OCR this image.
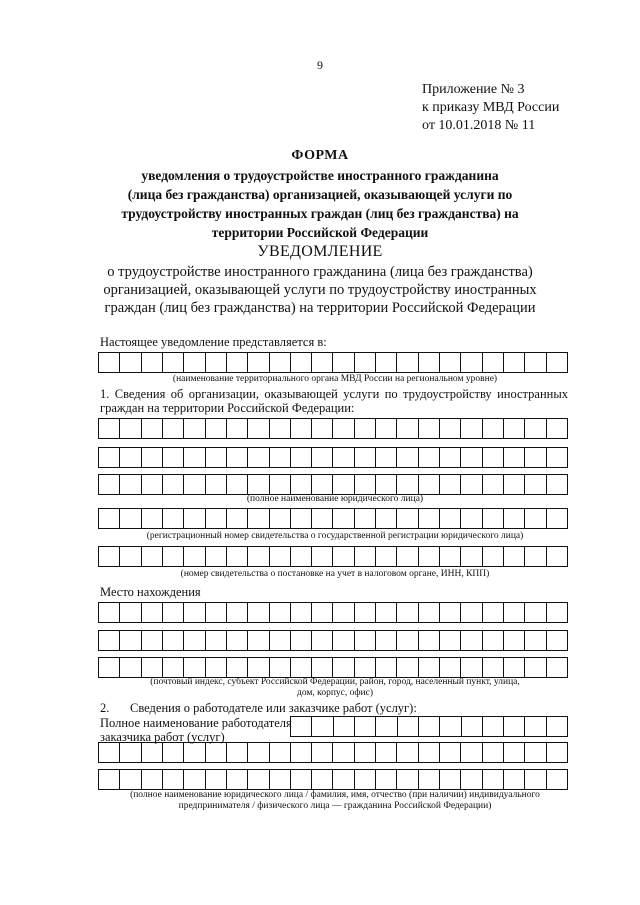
9
Приложение № 3
к приказу МВД России
от 10.01.2018 № 11
ФОРМА
уведомления о трудоустройстве иностранного гражданина
(лица без гражданства) организацией, оказывающей услуги по
трудоустройству иностранных граждан (лиц без гражданства) на
территории Российской Федерации
УВЕДОМЛЕНИЕ
о трудоустройстве иностранного гражданина (лица без гражданства)
организацией, оказывающей услуги по трудоустройству иностранных
граждан (лиц без гражданства) на территории Российской Федерации
Настоящее уведомление представляется в:
(наименование территориального органа МВД России на региональном уровне)
1. Сведения об организации, оказывающей услуги по трудоустройству иностранных
граждан на территории Российской Федерации:
(полное наименование юридического лица)
(регистрационный номер свидетельства о государственной регистрации юридического лица)
(номер свидетельства о постановке на учет в налоговом органе, ИНН, КПП)
Место нахождения
(почтовый индекс, субъект Российской Федерации, район, город, населенный пункт, улица,
дом, корпус, офис)
2. Сведения о работодателе или заказчике работ (услуг):
Полное наименование работодателя
заказчика работ (услуг)
(полное наименование юридического лица / фамилия, имя, отчество (при наличии) индивидуального
предпринимателя / физического лица — гражданина Российской Федерации)
